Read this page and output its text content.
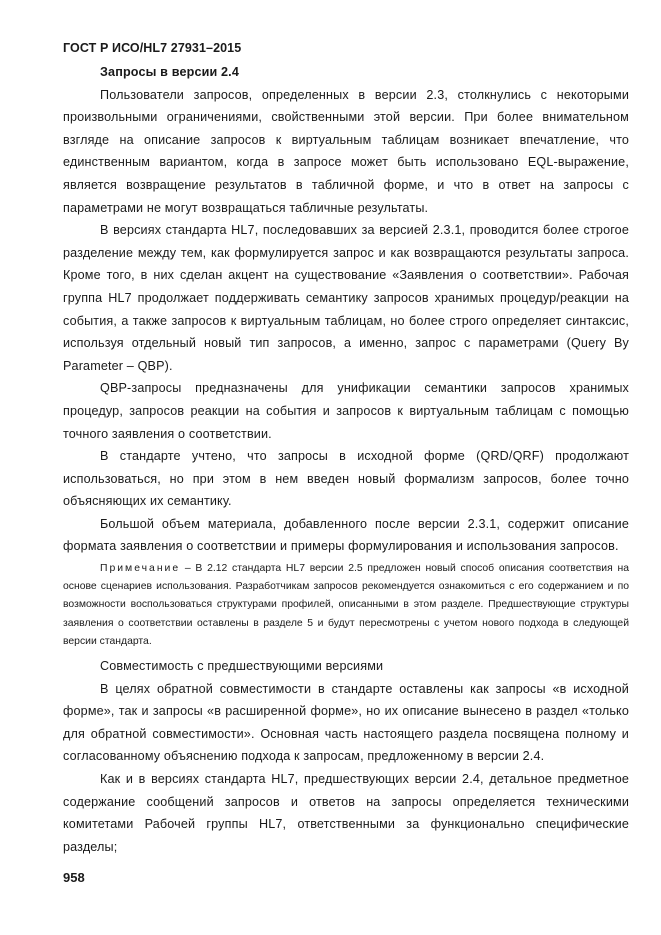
ГОСТ Р ИСО/HL7 27931–2015

Запросы в версии 2.4

Пользователи запросов, определенных в версии 2.3, столкнулись с некоторыми произвольными ограничениями, свойственными этой версии. При более внимательном взгляде на описание запросов к виртуальным таблицам возникает впечатление, что единственным вариантом, когда в запросе может быть использовано EQL-выражение, является возвращение результатов в табличной форме, и что в ответ на запросы с параметрами не могут возвращаться табличные результаты.

В версиях стандарта HL7, последовавших за версией 2.3.1, проводится более строгое разделение между тем, как формулируется запрос и как возвращаются результаты запроса. Кроме того, в них сделан акцент на существование «Заявления о соответствии». Рабочая группа HL7 продолжает поддерживать семантику запросов хранимых процедур/реакции на события, а также запросов к виртуальным таблицам, но более строго определяет синтаксис, используя отдельный новый тип запросов, а именно, запрос с параметрами (Query By Parameter – QBP).

QBP-запросы предназначены для унификации семантики запросов хранимых процедур, запросов реакции на события и запросов к виртуальным таблицам с помощью точного заявления о соответствии.

В стандарте учтено, что запросы в исходной форме (QRD/QRF) продолжают использоваться, но при этом в нем введен новый формализм запросов, более точно объясняющих их семантику.

Большой объем материала, добавленного после версии 2.3.1, содержит описание формата заявления о соответствии и примеры формулирования и использования запросов.

Примечание – В 2.12 стандарта HL7 версии 2.5 предложен новый способ описания соответствия на основе сценариев использования. Разработчикам запросов рекомендуется ознакомиться с его содержанием и по возможности воспользоваться структурами профилей, описанными в этом разделе. Предшествующие структуры заявления о соответствии оставлены в разделе 5 и будут пересмотрены с учетом нового подхода в следующей версии стандарта.

Совместимость с предшествующими версиями

В целях обратной совместимости в стандарте оставлены как запросы «в исходной форме», так и запросы «в расширенной форме», но их описание вынесено в раздел «только для обратной совместимости». Основная часть настоящего раздела посвящена полному и согласованному объяснению подхода к запросам, предложенному в версии 2.4.

Как и в версиях стандарта HL7, предшествующих версии 2.4, детальное предметное содержание сообщений запросов и ответов на запросы определяется техническими комитетами Рабочей группы HL7, ответственными за функционально специфические разделы;

958
